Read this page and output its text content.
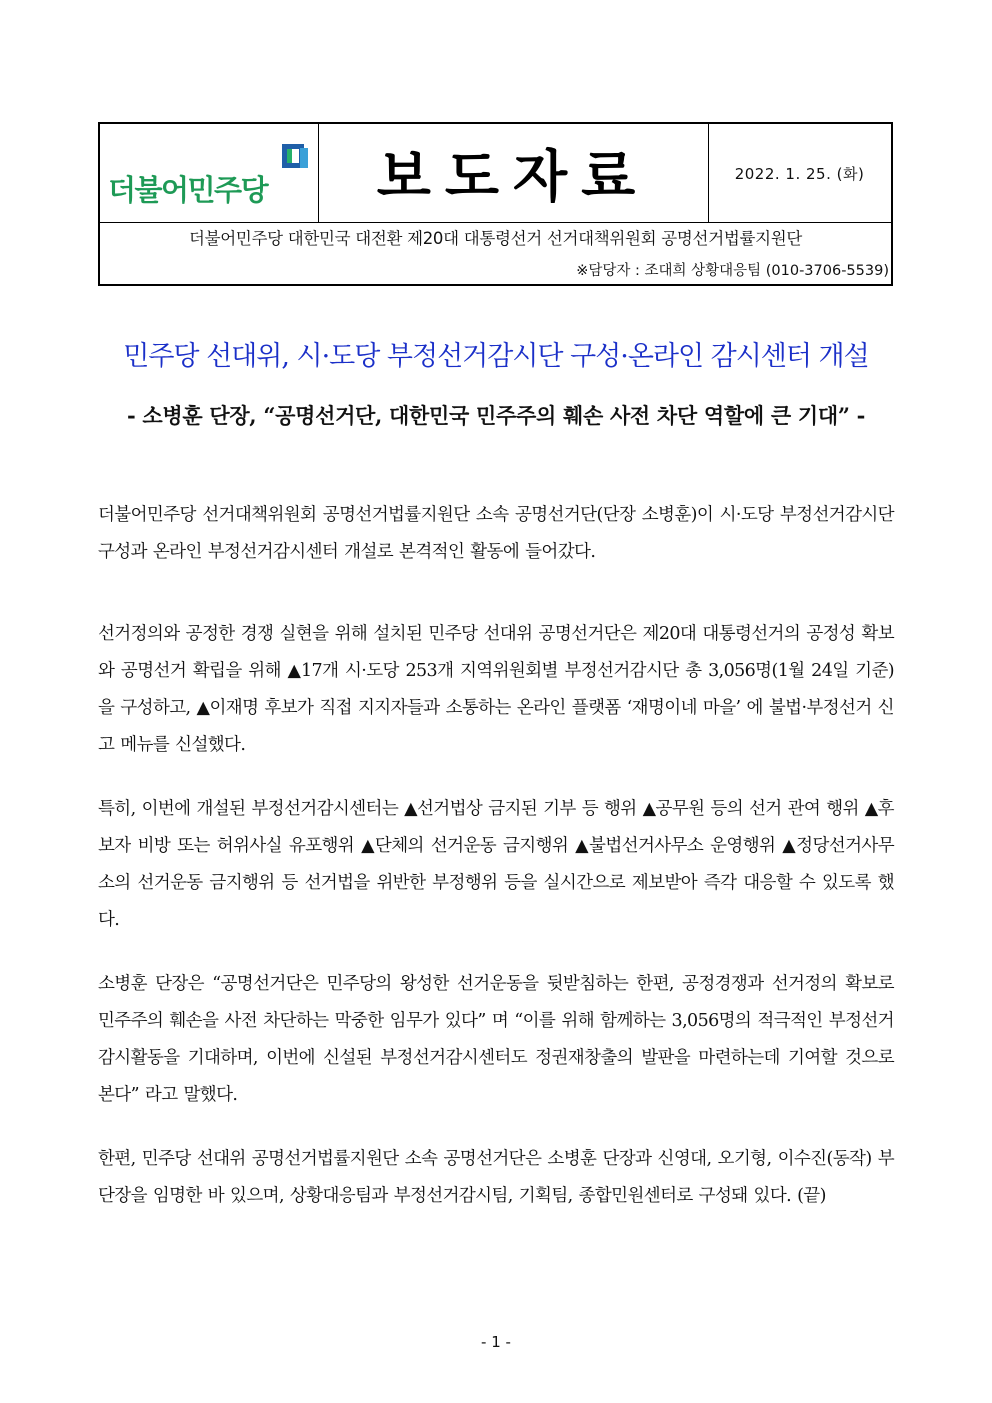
더불어민주당 보도자료	2022. 1. 25. (화)
더불어민주당 대한민국 대전환 제20대 대통령선거 선거대책위원회 공명선거법률지원단
※담당자 : 조대희 상황대응팀 (010-3706-5539)
민주당 선대위, 시·도당 부정선거감시단 구성·온라인 감시센터 개설
- 소병훈 단장, “공명선거단, 대한민국 민주주의 훼손 사전 차단 역할에 큰 기대” -

더불어민주당 선거대책위원회 공명선거법률지원단 소속 공명선거단(단장 소병훈)이 시·도당 부정선거감시단 구성과 온라인 부정선거감시센터 개설로 본격적인 활동에 들어갔다.

선거정의와 공정한 경쟁 실현을 위해 설치된 민주당 선대위 공명선거단은 제20대 대통령선거의 공정성 확보와 공명선거 확립을 위해 ▲17개 시·도당 253개 지역위원회별 부정선거감시단 총 3,056명(1월 24일 기준)을 구성하고, ▲이재명 후보가 직접 지지자들과 소통하는 온라인 플랫폼 ‘재명이네 마을’ 에 불법·부정선거 신고 메뉴를 신설했다.

특히, 이번에 개설된 부정선거감시센터는 ▲선거법상 금지된 기부 등 행위 ▲공무원 등의 선거 관여 행위 ▲후보자 비방 또는 허위사실 유포행위 ▲단체의 선거운동 금지행위 ▲불법선거사무소 운영행위 ▲정당선거사무소의 선거운동 금지행위 등 선거법을 위반한 부정행위 등을 실시간으로 제보받아 즉각 대응할 수 있도록 했다.

소병훈 단장은 “공명선거단은 민주당의 왕성한 선거운동을 뒷받침하는 한편, 공정경쟁과 선거정의 확보로 민주주의 훼손을 사전 차단하는 막중한 임무가 있다” 며 “이를 위해 함께하는 3,056명의 적극적인 부정선거 감시활동을 기대하며, 이번에 신설된 부정선거감시센터도 정권재창출의 발판을 마련하는데 기여할 것으로 본다” 라고 말했다.

한편, 민주당 선대위 공명선거법률지원단 소속 공명선거단은 소병훈 단장과 신영대, 오기형, 이수진(동작) 부단장을 임명한 바 있으며, 상황대응팀과 부정선거감시팀, 기획팀, 종합민원센터로 구성돼 있다. (끝)

- 1 -
